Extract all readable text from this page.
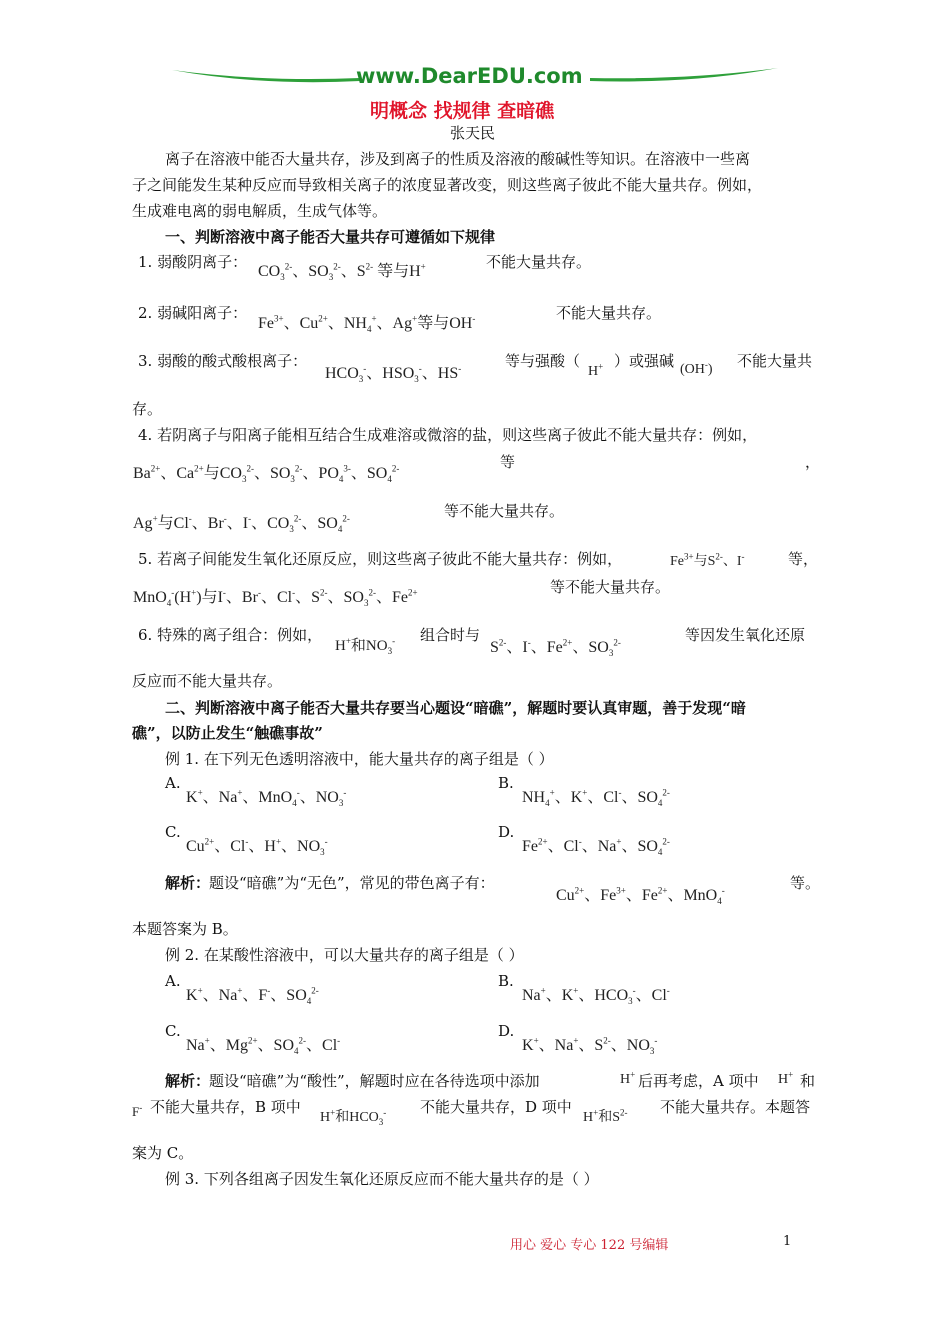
www.DearEDU.com
明概念 找规律 查暗礁
张天民
离子在溶液中能否大量共存，涉及到离子的性质及溶液的酸碱性等知识。在溶液中一些离
子之间能发生某种反应而导致相关离子的浓度显著改变，则这些离子彼此不能大量共存。例如，
生成难电离的弱电解质，生成气体等。
一、判断溶液中离子能否大量共存可遵循如下规律
1. 弱酸阴离子：
$CO_3^{2-}$、$SO_3^{2-}$、$S^{2-}$ 等与H+	不能大量共存。
2. 弱碱阳离子：
$Fe^{3+}$、$Cu^{2+}$、$NH_4^+$、Ag+等与OH-	不能大量共存。
3. 弱酸的酸式酸根离子：
$HCO_3^-$、$HSO_3^-$、HS-	等与强酸（
H+ ）或强碱 (OH-) 不能大量共
存。
4. 若阴离子与阳离子能相互结合生成难溶或微溶的盐，则这些离子彼此不能大量共存：例如，
$Ba^{2+}$、$Ca^{2+}$与$CO_3^{2-}$、$SO_3^{2-}$、$PO_4^{3-}$、$SO_4^{2-}$	等	，
Ag+与Cl-、Br-、I-、$CO_3^{2-}$、$SO_4^{2-}$	等不能大量共存。
5. 若离子间能发生氧化还原反应，则这些离子彼此不能大量共存：例如，	$Fe^{3+}$与$S^{2-}$、I-	等，
MnO$_4$-(H+)与I-、Br-、Cl-、$S^{2-}$、$SO_3^{2-}$、$Fe^{2+}$	等不能大量共存。
6. 特殊的离子组合：例如，
H+和$NO_3^-$ 组合时与
$S^{2-}$、I-、$Fe^{2+}$、$SO_3^{2-}$	等因发生氧化还原
反应而不能大量共存。
二、判断溶液中离子能否大量共存要当心题设“暗礁”，解题时要认真审题，善于发现“暗
礁”，以防止发生“触礁事故”
例 1. 在下列无色透明溶液中，能大量共存的离子组是（ ）
A.
K+、Na+、MnO$_4$-、$NO_3^-$
B.
$NH_4^+$、K+、Cl-、$SO_4^{2-}$
C.
$Cu^{2+}$、Cl-、H+、$NO_3^-$
D.
$Fe^{2+}$、Cl-、Na+、$SO_4^{2-}$
解析：
题设“暗礁”为“无色”，常见的带色离子有：
$Cu^{2+}$、$Fe^{3+}$、$Fe^{2+}$、MnO$_4$-	等。
本题答案为 B。
例 2. 在某酸性溶液中，可以大量共存的离子组是（ ）
A.
K+、Na+、F-、$SO_4^{2-}$
B.
Na+、K+、$HCO_3^-$、Cl-
C.
Na+、$Mg^{2+}$、$SO_4^{2-}$、Cl-
D.
K+、Na+、$S^{2-}$、$NO_3^-$
解析：
题设“暗礁”为“酸性”，解题时应在各待选项中添加	H+ 后再考虑，A 项中 H+ 和
F- 不能大量共存，B 项中
H+和$HCO_3^-$ 不能大量共存，D 项中
H+和$S^{2-}$ 不能大量共存。本题答
案为 C。
例 3. 下列各组离子因发生氧化还原反应而不能大量共存的是（ ）
用心 爱心 专心 122 号编辑	1
